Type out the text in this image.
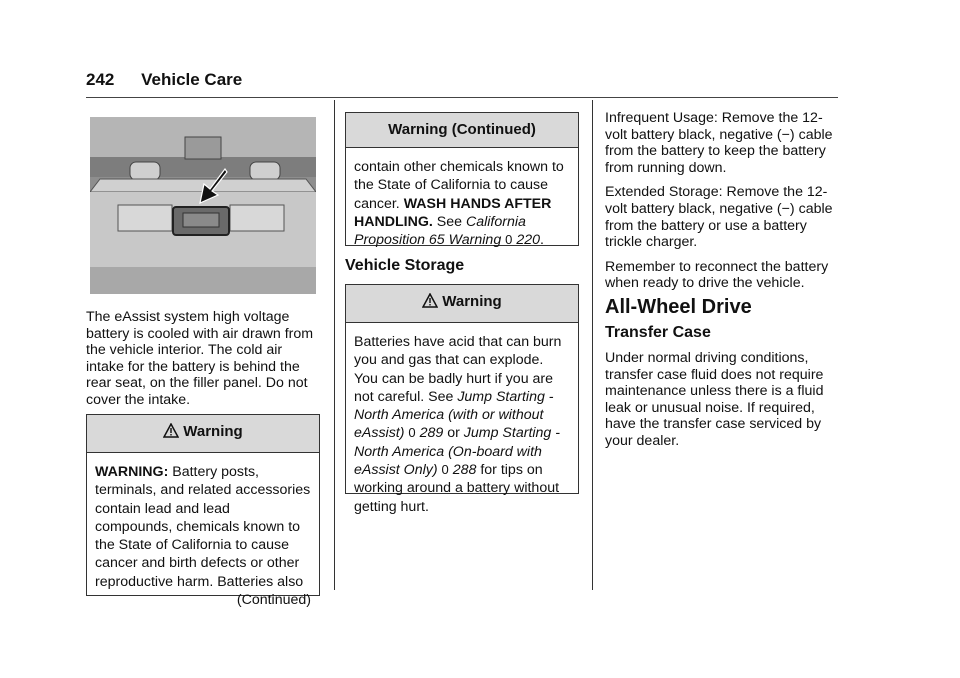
242 Vehicle Care
The eAssist system high voltage battery is cooled with air drawn from the vehicle interior. The cold air intake for the battery is behind the rear seat, on the filler panel. Do not cover the intake.
Warning
WARNING: Battery posts, terminals, and related accessories contain lead and lead compounds, chemicals known to the State of California to cause cancer and birth defects or other reproductive harm. Batteries also
(Continued)
Warning (Continued)
contain other chemicals known to the State of California to cause cancer. WASH HANDS AFTER HANDLING. See California Proposition 65 Warning 0 220.
Vehicle Storage
Warning
Batteries have acid that can burn you and gas that can explode. You can be badly hurt if you are not careful. See Jump Starting - North America (with or without eAssist) 0 289 or Jump Starting - North America (On-board with eAssist Only) 0 288 for tips on working around a battery without getting hurt.

Infrequent Usage: Remove the 12-volt battery black, negative (−) cable from the battery to keep the battery from running down.

Extended Storage: Remove the 12-volt battery black, negative (−) cable from the battery or use a battery trickle charger.

Remember to reconnect the battery when ready to drive the vehicle.

All-Wheel Drive
Transfer Case
Under normal driving conditions, transfer case fluid does not require maintenance unless there is a fluid leak or unusual noise. If required, have the transfer case serviced by your dealer.
